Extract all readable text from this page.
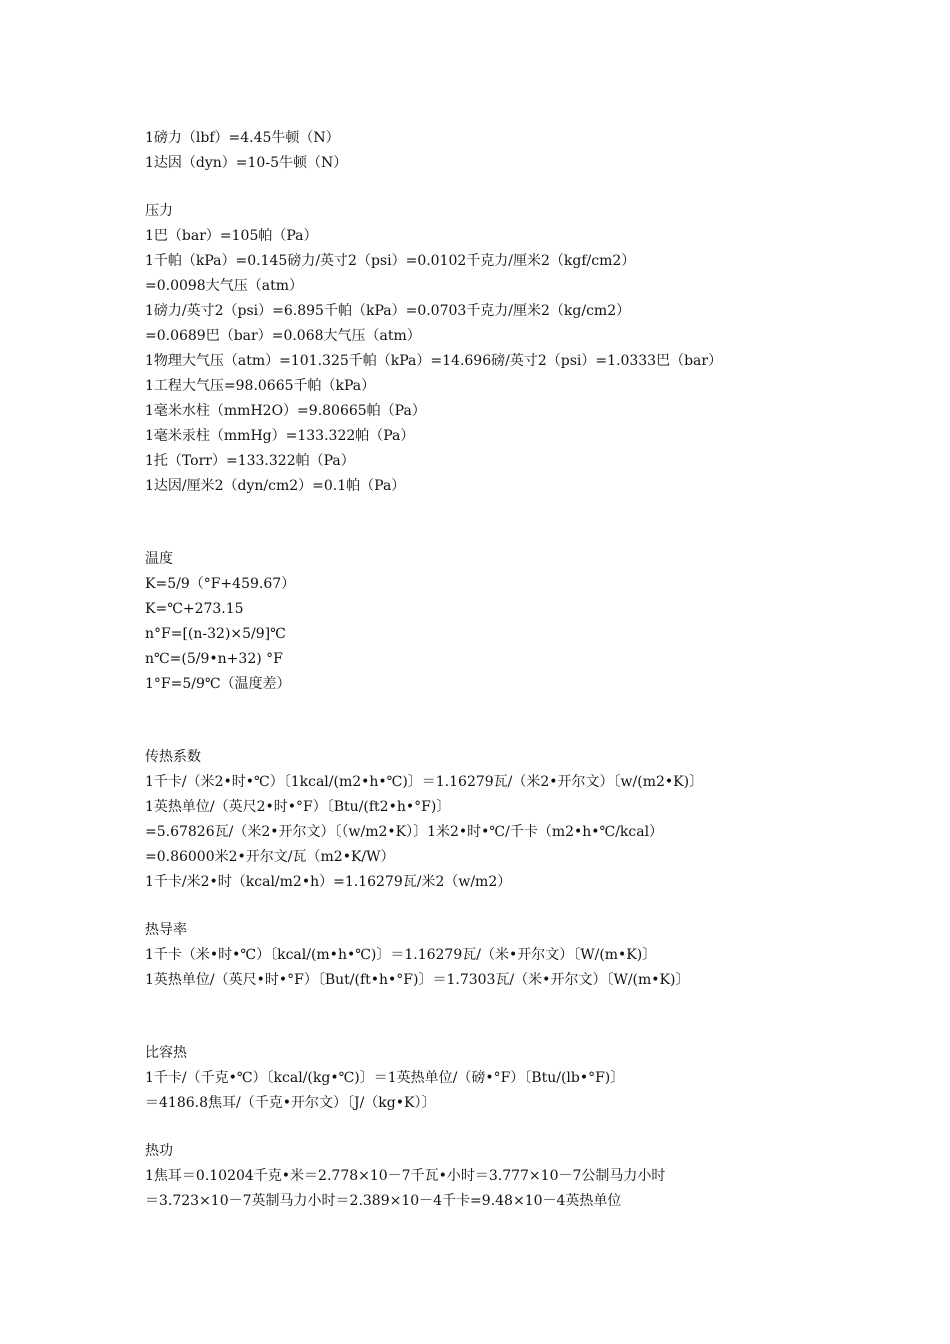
1磅力（lbf）=4.45牛顿（N）
1达因（dyn）=10-5牛顿（N）
压力
1巴（bar）=105帕（Pa）
1千帕（kPa）=0.145磅力/英寸2（psi）=0.0102千克力/厘米2（kgf/cm2）
=0.0098大气压（atm）
1磅力/英寸2（psi）=6.895千帕（kPa）=0.0703千克力/厘米2（kg/cm2）
=0.0689巴（bar）=0.068大气压（atm）
1物理大气压（atm）=101.325千帕（kPa）=14.696磅/英寸2（psi）=1.0333巴（bar）
1工程大气压=98.0665千帕（kPa）
1毫米水柱（mmH2O）=9.80665帕（Pa）
1毫米汞柱（mmHg）=133.322帕（Pa）
1托（Torr）=133.322帕（Pa）
1达因/厘米2（dyn/cm2）=0.1帕（Pa）
温度
K=5/9（°F+459.67）
K=℃+273.15
n°F=[(n-32)×5/9]℃
n℃=(5/9•n+32) °F
1°F=5/9℃（温度差）
传热系数
1千卡/（米2•时•℃）〔1kcal/(m2•h•℃)〕＝1.16279瓦/（米2•开尔文）〔w/(m2•K)〕
1英热单位/（英尺2•时•°F）〔Btu/(ft2•h•°F)〕
=5.67826瓦/（米2•开尔文）〔（w/m2•K）〕1米2•时•℃/千卡（m2•h•℃/kcal）
=0.86000米2•开尔文/瓦（m2•K/W）
1千卡/米2•时（kcal/m2•h）=1.16279瓦/米2（w/m2）
热导率
1千卡（米•时•℃）〔kcal/(m•h•℃)〕＝1.16279瓦/（米•开尔文）〔W/(m•K)〕
1英热单位/（英尺•时•°F）〔But/(ft•h•°F)〕＝1.7303瓦/（米•开尔文）〔W/(m•K)〕
比容热
1千卡/（千克•℃）〔kcal/(kg•℃)〕＝1英热单位/（磅•°F）〔Btu/(lb•°F)〕
＝4186.8焦耳/（千克•开尔文）〔J/（kg•K）〕
热功
1焦耳＝0.10204千克•米＝2.778×10－7千瓦•小时＝3.777×10－7公制马力小时
＝3.723×10－7英制马力小时＝2.389×10－4千卡=9.48×10－4英热单位
